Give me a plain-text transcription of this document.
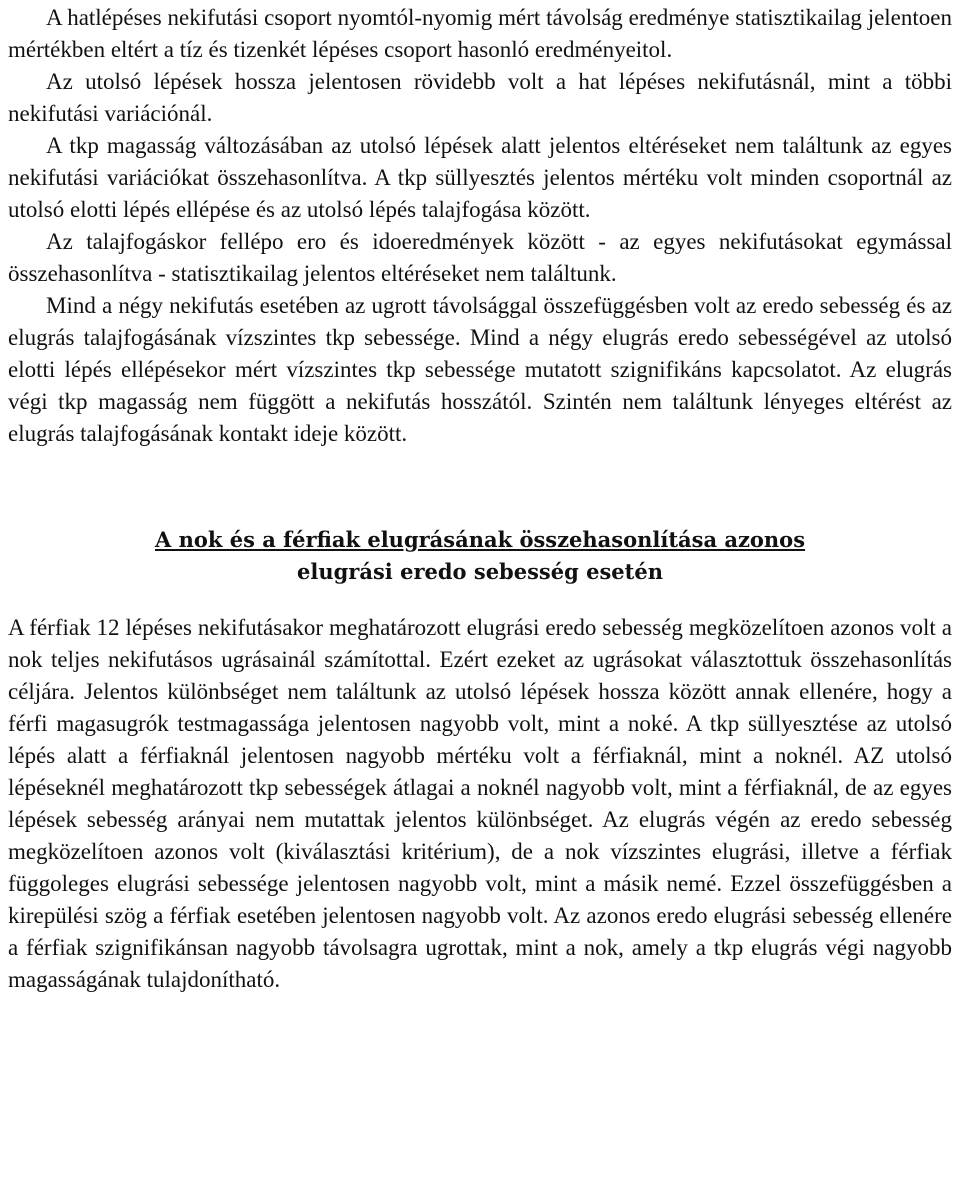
A hatlépéses nekifutási csoport nyomtól-nyomig mért távolság eredménye statisztikailag jelentoen mértékben eltért a tíz és tizenkét lépéses csoport hasonló eredményeitol.

Az utolsó lépések hossza jelentosen rövidebb volt a hat lépéses nekifutásnál, mint a többi nekifutási variációnál.

A tkp magasság változásában az utolsó lépések alatt jelentos eltéréseket nem találtunk az egyes nekifutási variációkat összehasonlítva. A tkp süllyesztés jelentos mértéku volt minden csoportnál az utolsó elotti lépés ellépése és az utolsó lépés talajfogása között.

Az talajfogáskor fellépo ero és idoeredmények között - az egyes nekifutásokat egymással összehasonlítva - statisztikailag jelentos eltéréseket nem találtunk.

Mind a négy nekifutás esetében az ugrott távolsággal összefüggésben volt az eredo sebesség és az elugrás talajfogásának vízszintes tkp sebessége. Mind a négy elugrás eredo sebességével az utolsó elotti lépés ellépésekor mért vízszintes tkp sebessége mutatott szignifikáns kapcsolatot. Az elugrás végi tkp magasság nem függött a nekifutás hosszától. Szintén nem találtunk lényeges eltérést az elugrás talajfogásának kontakt ideje között.

A nok és a férfiak elugrásának összehasonlítása azonos
elugrási eredo sebesség esetén

A férfiak 12 lépéses nekifutásakor meghatározott elugrási eredo sebesség megközelítoen azonos volt a nok teljes nekifutásos ugrásainál számítottal. Ezért ezeket az ugrásokat választottuk összehasonlítás céljára. Jelentos különbséget nem találtunk az utolsó lépések hossza között annak ellenére, hogy a férfi magasugrók testmagassága jelentosen nagyobb volt, mint a noké. A tkp süllyesztése az utolsó lépés alatt a férfiaknál jelentosen nagyobb mértéku volt a férfiaknál, mint a noknél. AZ utolsó lépéseknél meghatározott tkp sebességek átlagai a noknél nagyobb volt, mint a férfiaknál, de az egyes lépések sebesség arányai nem mutattak jelentos különbséget. Az elugrás végén az eredo sebesség megközelítoen azonos volt (kiválasztási kritérium), de a nok vízszintes elugrási, illetve a férfiak függoleges elugrási sebessége jelentosen nagyobb volt, mint a másik nemé. Ezzel összefüggésben a kirepülési szög a férfiak esetében jelentosen nagyobb volt. Az azonos eredo elugrási sebesség ellenére a férfiak szignifikánsan nagyobb távolsagra ugrottak, mint a nok, amely a tkp elugrás végi nagyobb magasságának tulajdonítható.
